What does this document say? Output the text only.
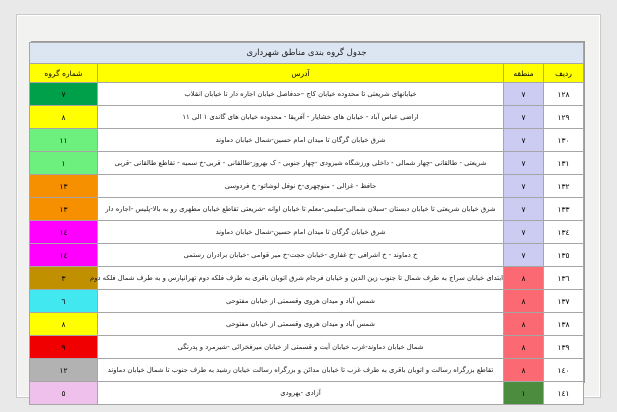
جدول گروه بندی مناطق شهرداری			
ردیف	منطقه	آدرس	شماره گروه
١٢٨	٧	خیابانهای شریعتی تا محدوده خیابان کاج –حدفاصل خیابان اجاره دار تا خیابان انقلاب	٧
١٢٩	٧	اراضی عباس آباد - خیابان های خشایار - آفریقا - محدوده خیابان های گاندی ١ الی ١١	٨
١٣٠	٧	شرق خیابان گرگان تا میدان امام حسین-شمال خیابان دماوند	١١
١٣١	٧	شریعتی - طالقانی -چهار شمالی - داخلی ورزشگاه شیرودی -چهار جنوبی - ک بهروز-طالقانی - قربی-خ سمیه - تقاطع طالقانی -قربی	١
١٣٢	٧	حافظ - غزالی - منوچهری-خ نوفل لوشاتو- خ فردوسی	١٣
١٣٣	٧	شرق خیابان شریعتی تا خیابان دبستان -سبلان شمالی-سلیمی-معلم تا خیابان اوانه -شریعتی تقاطع خیابان مطهری رو به بالا-پلیس -اجاره دار	١٣
١٣٤	٧	شرق خیابان گرگان تا میدان امام حسین-شمال خیابان دماوند	١٤
١٣٥	٧	خ دماوند - خ اشرافی -خ غفاری -خیابان حجت-خ میر قوامی -خیابان برادران رستمی	١٤
١٣٦	٨	ابتدای خیابان سراج به طرف شمال تا جنوب زین الدین و خیابان فرجام شرق اتوبان باقری به طرف فلکه دوم تهرانپارس و به طرف شمال فلکه دوم	٣
١٣٧	٨	شمس آباد و میدان هروی وقسمتی از خیابان مفتوحی	٦
١٣٨	٨	شمس آباد و میدان هروی وقسمتی از خیابان مفتوحی	٨
١٣٩	٨	شمال خیابان دماوند-غرب خیابان آیت و قسمتی از خیابان میرفخرائی -شیرمرد و پدرنگی	٩
١٤٠	٨	تقاطع بزرگراه رسالت و اتوبان باقری به طرف غرب تا خیابان مدائن و بزرگراه رسالت خیابان رشید به طرف جنوب تا شمال خیابان دماوند	١٢
١٤١	١	آزادی -یهرودی	٥
